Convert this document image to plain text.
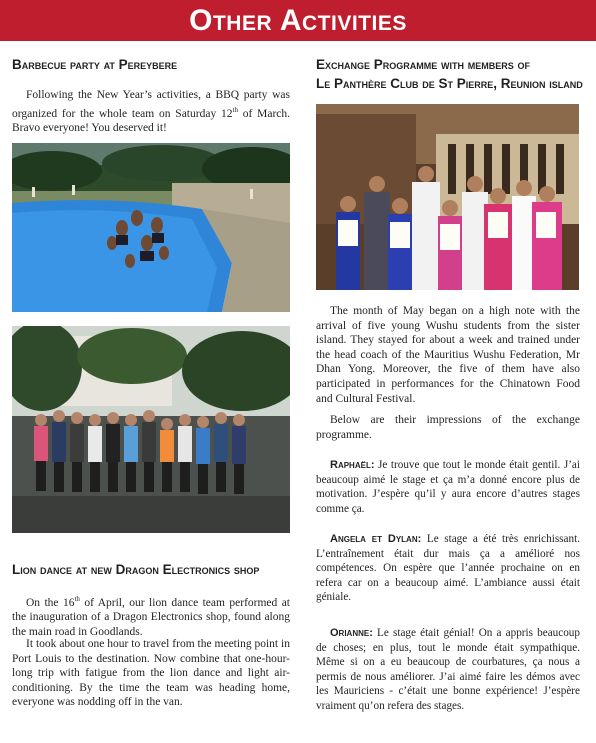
Other Activities
Barbecue party at Pereybere

Following the New Year’s activities, a BBQ party was organized for the whole team on Saturday 12th of March. Bravo everyone! You deserved it!

Lion dance at new Dragon Electronics shop

On the 16th of April, our lion dance team performed at the inauguration of a Dragon Electronics shop, found along the main road in Goodlands.

It took about one hour to travel from the meeting point in Port Louis to the destination. Now combine that one-hour-long trip with fatigue from the lion dance and light air-conditioning. By the time the team was heading home, everyone was nodding off in the van.

Exchange Programme with members of
Le Panthère Club de St Pierre, Reunion island

The month of May began on a high note with the arrival of five young Wushu students from the sister island. They stayed for about a week and trained under the head coach of the Mauritius Wushu Federation, Mr Dhan Yong. Moreover, the five of them have also participated in performances for the Chinatown Food and Cultural Festival.

Below are their impressions of the exchange programme.

Raphaël: Je trouve que tout le monde était gentil. J’ai beaucoup aimé le stage et ça m’a donné encore plus de motivation. J’espère qu’il y aura encore d’autres stages comme ça.

Angela et Dylan: Le stage a été très enrichissant. L’entraînement était dur mais ça a amélioré nos compétences. On espère que l’année prochaine on en refera car on a beaucoup aimé. L’ambiance aussi était géniale.

Orianne: Le stage était génial! On a appris beaucoup de choses; en plus, tout le monde était sympathique. Même si on a eu beaucoup de courbatures, ça nous a permis de nous améliorer. J’ai aimé faire les démos avec les Mauriciens - c’était une bonne expérience! J’espère vraiment qu’on refera des stages.
